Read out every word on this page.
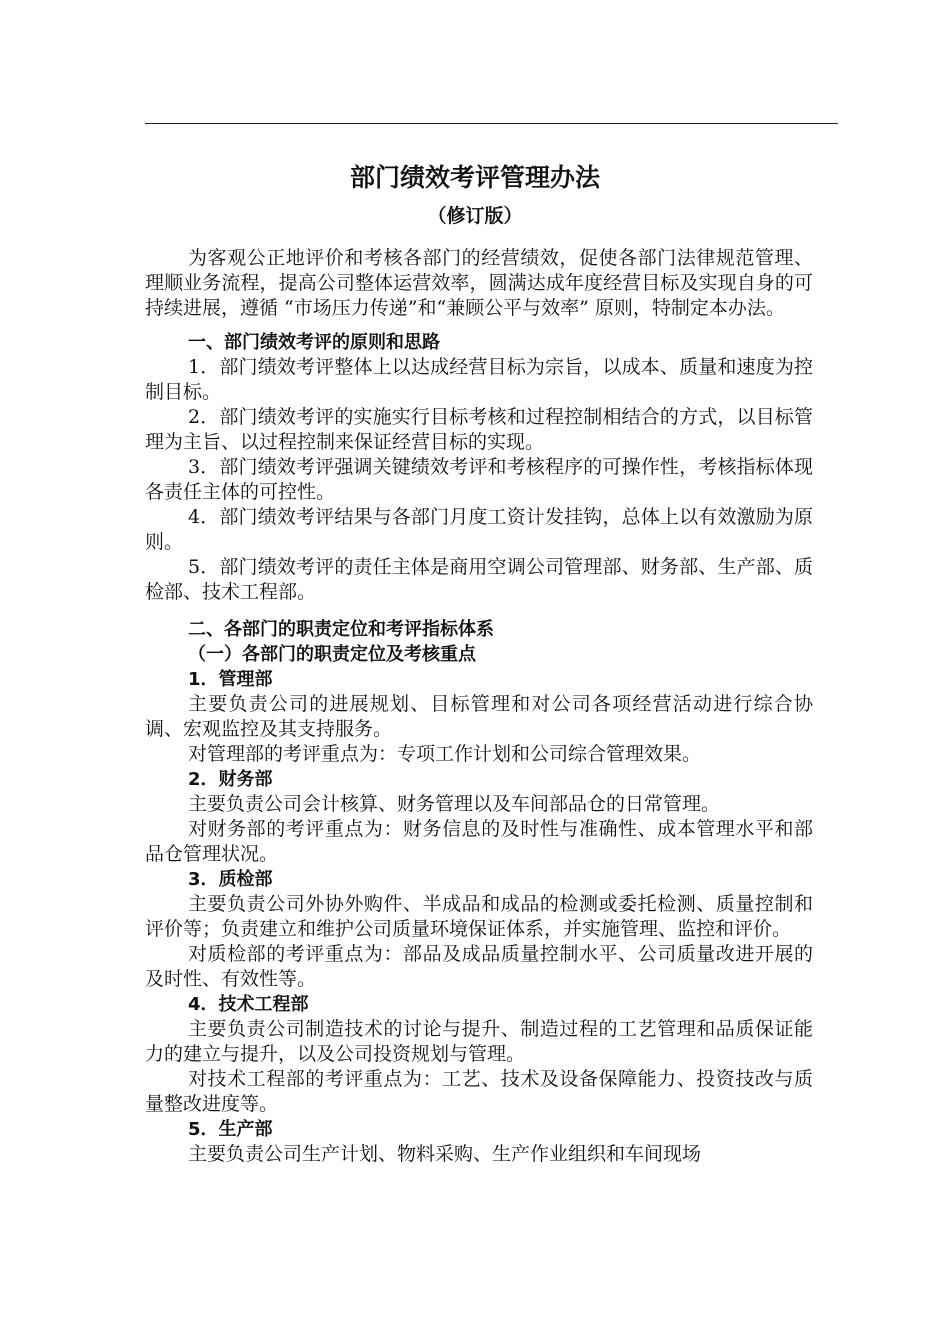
部门绩效考评管理办法
（修订版）

为客观公正地评价和考核各部门的经营绩效，促使各部门法律规范管理、理顺业务流程，提高公司整体运营效率，圆满达成年度经营目标及实现自身的可持续进展，遵循 “市场压力传递”和“兼顾公平与效率” 原则，特制定本办法。

一、部门绩效考评的原则和思路

1．部门绩效考评整体上以达成经营目标为宗旨，以成本、质量和速度为控制目标。

2．部门绩效考评的实施实行目标考核和过程控制相结合的方式，以目标管理为主旨、以过程控制来保证经营目标的实现。

3．部门绩效考评强调关键绩效考评和考核程序的可操作性，考核指标体现各责任主体的可控性。

4．部门绩效考评结果与各部门月度工资计发挂钩，总体上以有效激励为原则。

5．部门绩效考评的责任主体是商用空调公司管理部、财务部、生产部、质检部、技术工程部。

二、各部门的职责定位和考评指标体系

（一）各部门的职责定位及考核重点

1．管理部

主要负责公司的进展规划、目标管理和对公司各项经营活动进行综合协调、宏观监控及其支持服务。

对管理部的考评重点为：专项工作计划和公司综合管理效果。

2．财务部

主要负责公司会计核算、财务管理以及车间部品仓的日常管理。

对财务部的考评重点为：财务信息的及时性与准确性、成本管理水平和部品仓管理状况。

3．质检部

主要负责公司外协外购件、半成品和成品的检测或委托检测、质量控制和评价等；负责建立和维护公司质量环境保证体系，并实施管理、监控和评价。

对质检部的考评重点为：部品及成品质量控制水平、公司质量改进开展的及时性、有效性等。

4．技术工程部

主要负责公司制造技术的讨论与提升、制造过程的工艺管理和品质保证能力的建立与提升，以及公司投资规划与管理。

对技术工程部的考评重点为：工艺、技术及设备保障能力、投资技改与质量整改进度等。

5．生产部

主要负责公司生产计划、物料采购、生产作业组织和车间现场
